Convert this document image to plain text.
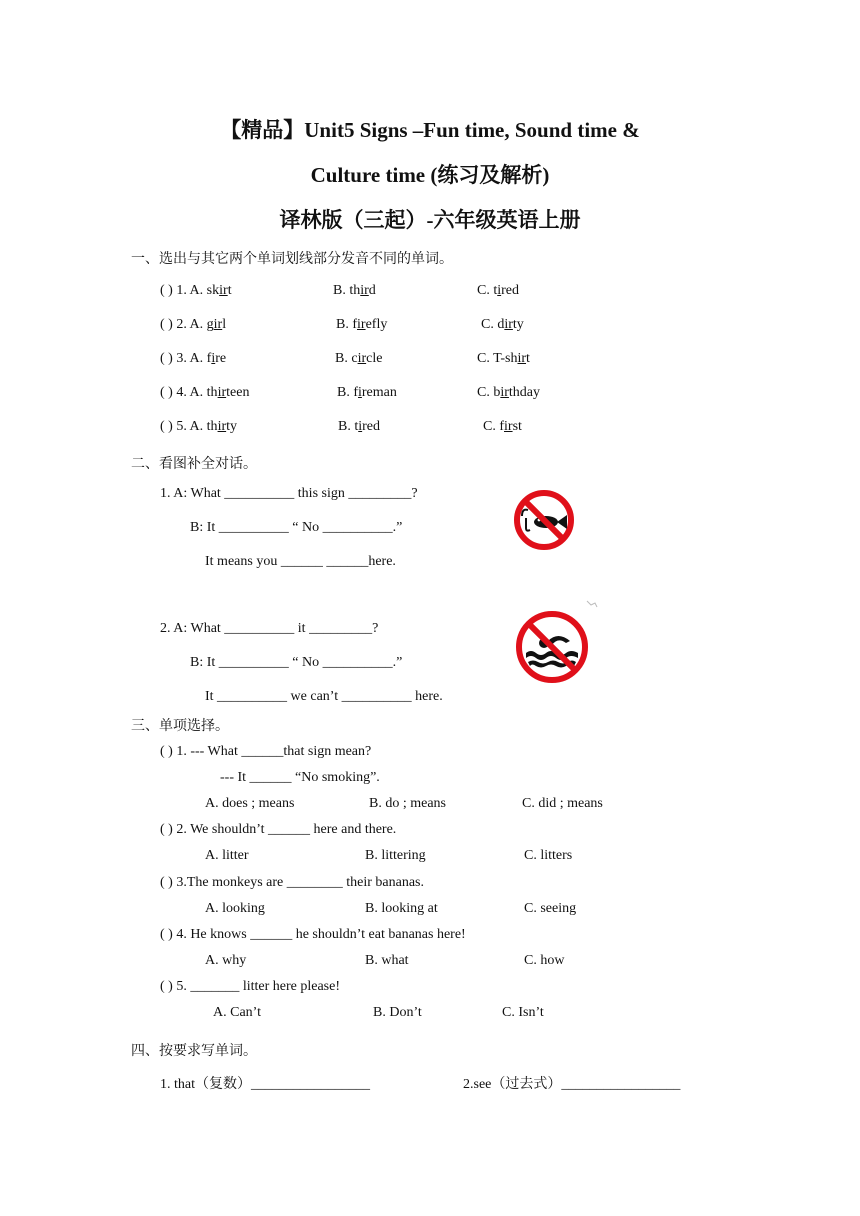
【精品】Unit5 Signs –Fun time, Sound time &
Culture time (练习及解析)
译林版（三起）-六年级英语上册
一、选出与其它两个单词划线部分发音不同的单词。
( ) 1. A. skirt	B. third	C. tired
( ) 2. A. girl	B. firefly	C. dirty
( ) 3. A. fire	B. circle	C. T-shirt
( ) 4. A. thirteen	B. fireman	C. birthday
( ) 5. A. thirty	B. tired	C. first
二、看图补全对话。
1. A: What __________ this sign _________?
B: It __________ “ No __________.”
It means you ______ ______here.
2. A: What __________ it _________?
B: It __________ “ No __________.”
It __________ we can’t __________ here.
三、单项选择。
( ) 1. --- What ______that sign mean?
--- It ______ “No smoking”.
A. does ; means	B. do ; means	C. did ; means
( ) 2. We shouldn’t ______ here and there.
A. litter	B. littering	C. litters
( ) 3.The monkeys are ________ their bananas.
A. looking	B. looking at	C. seeing
( ) 4. He knows ______ he shouldn’t eat bananas here!
A. why	B. what	C. how
( ) 5. _______ litter here please!
A. Can’t	B. Don’t	C. Isn’t
四、按要求写单词。
1. that（复数）_________________	2.see（过去式）_________________
